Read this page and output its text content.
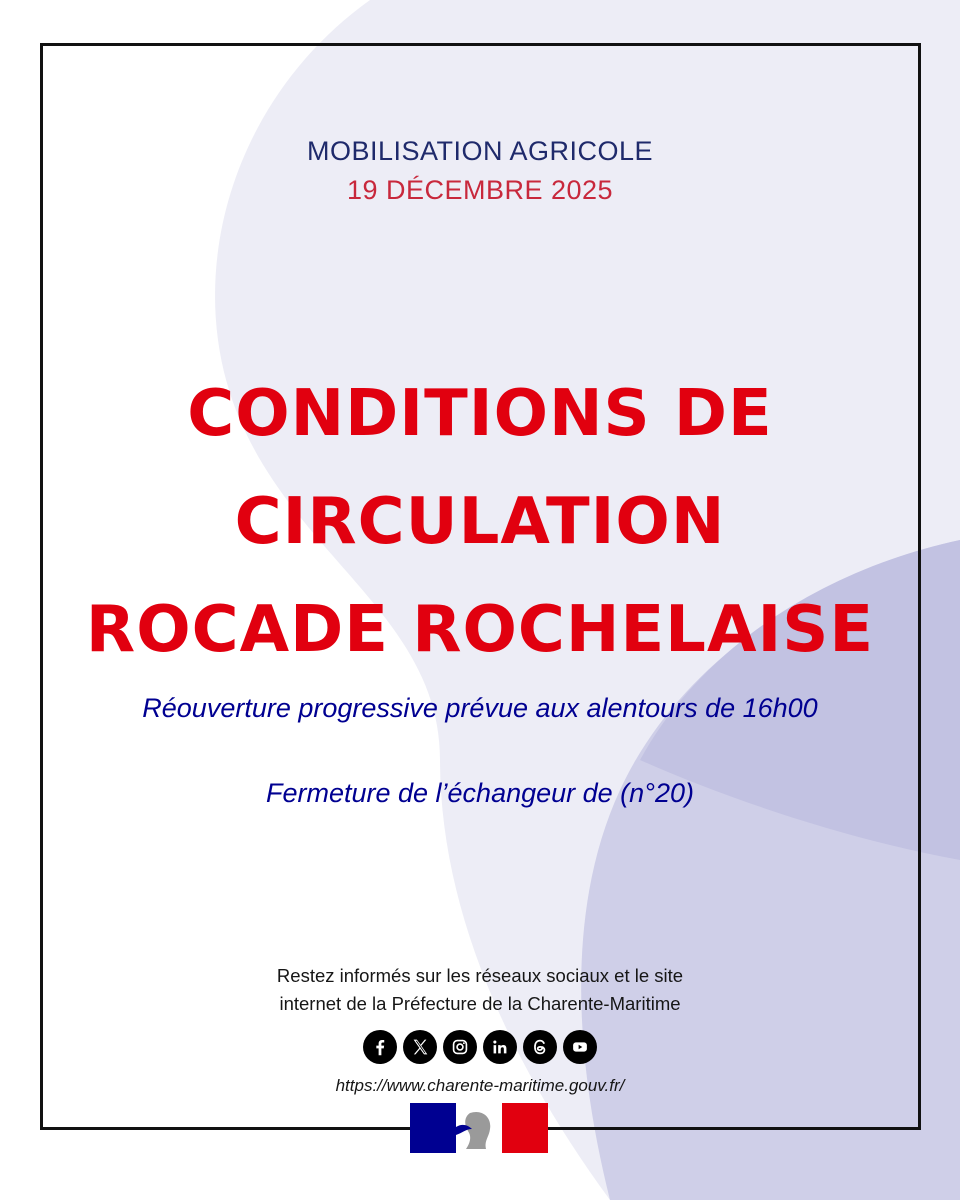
MOBILISATION AGRICOLE
19 DÉCEMBRE 2025
CONDITIONS DE
CIRCULATION
ROCADE ROCHELAISE
Réouverture progressive prévue aux alentours de 16h00
Fermeture de l’échangeur de (n°20)
Restez informés sur les réseaux sociaux et le site
internet de la Préfecture de la Charente-Maritime
https://www.charente-maritime.gouv.fr/
